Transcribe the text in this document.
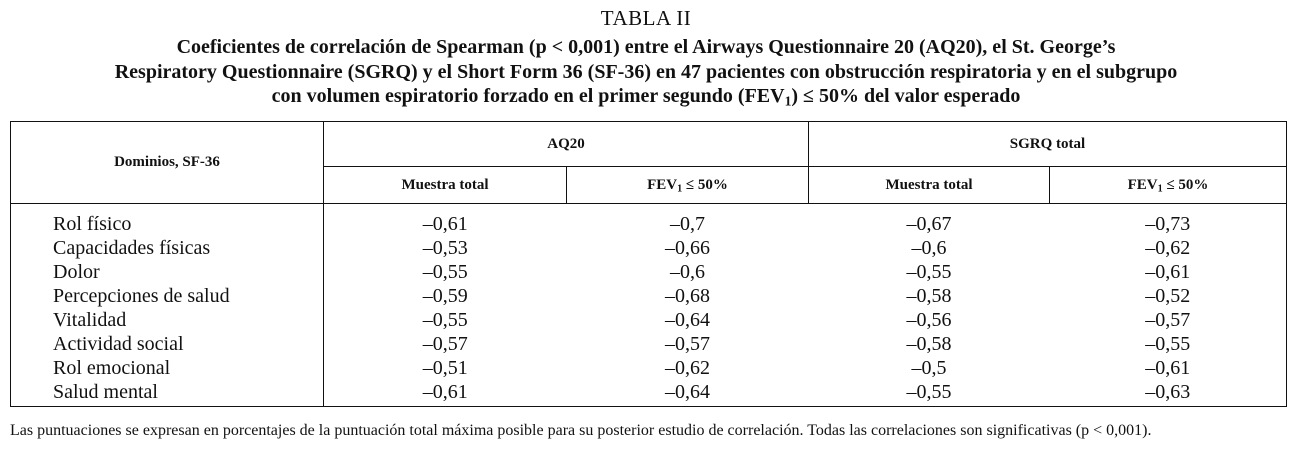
TABLA II
Coeficientes de correlación de Spearman (p < 0,001) entre el Airways Questionnaire 20 (AQ20), el St. George’s
Respiratory Questionnaire (SGRQ) y el Short Form 36 (SF-36) en 47 pacientes con obstrucción respiratoria y en el subgrupo
con volumen espiratorio forzado en el primer segundo $(FEV_1) \le 50\%$ del valor esperado
Dominios, SF-36	AQ20		SGRQ total	
	Muestra total	$FEV_1 \le 50\%$	Muestra total	$FEV_1 \le 50\%$
Rol físico	–0,61	–0,7	–0,67	–0,73
Capacidades físicas	–0,53	–0,66	–0,6	–0,62
Dolor	–0,55	–0,6	–0,55	–0,61
Percepciones de salud	–0,59	–0,68	–0,58	–0,52
Vitalidad	–0,55	–0,64	–0,56	–0,57
Actividad social	–0,57	–0,57	–0,58	–0,55
Rol emocional	–0,51	–0,62	–0,5	–0,61
Salud mental	–0,61	–0,64	–0,55	–0,63
Las puntuaciones se expresan en porcentajes de la puntuación total máxima posible para su posterior estudio de correlación. Todas las correlaciones son significativas (p < 0,001).
